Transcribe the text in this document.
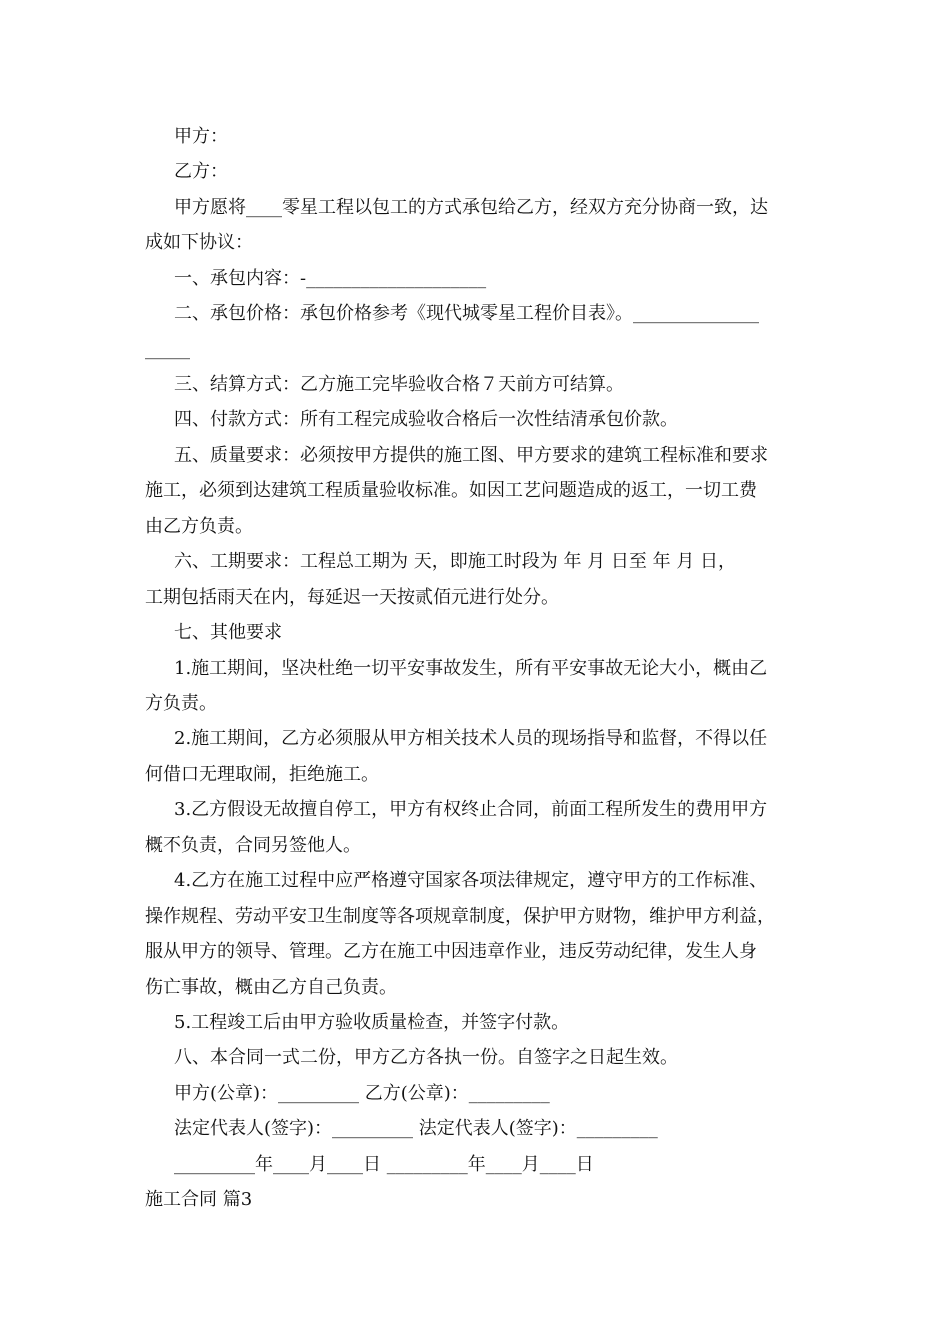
甲方：
乙方：
甲方愿将____零星工程以包工的方式承包给乙方，经双方充分协商一致，达
成如下协议：
一、承包内容：-____________________
二、承包价格：承包价格参考《现代城零星工程价目表》。______________
_____
三、结算方式：乙方施工完毕验收合格７天前方可结算。
四、付款方式：所有工程完成验收合格后一次性结清承包价款。
五、质量要求：必须按甲方提供的施工图、甲方要求的建筑工程标准和要求
施工，必须到达建筑工程质量验收标准。如因工艺问题造成的返工，一切工费
由乙方负责。
六、工期要求：工程总工期为 天，即施工时段为 年 月 日至 年 月 日，
工期包括雨天在内，每延迟一天按贰佰元进行处分。
七、其他要求
1.施工期间，坚决杜绝一切平安事故发生，所有平安事故无论大小，概由乙
方负责。
2.施工期间，乙方必须服从甲方相关技术人员的现场指导和监督，不得以任
何借口无理取闹，拒绝施工。
3.乙方假设无故擅自停工，甲方有权终止合同，前面工程所发生的费用甲方
概不负责，合同另签他人。
4.乙方在施工过程中应严格遵守国家各项法律规定，遵守甲方的工作标准、
操作规程、劳动平安卫生制度等各项规章制度，保护甲方财物，维护甲方利益，
服从甲方的领导、管理。乙方在施工中因违章作业，违反劳动纪律，发生人身
伤亡事故，概由乙方自己负责。
5.工程竣工后由甲方验收质量检查，并签字付款。
八、本合同一式二份，甲方乙方各执一份。自签字之日起生效。
甲方(公章)：_________ 乙方(公章)：_________
法定代表人(签字)：_________ 法定代表人(签字)：_________
_________年____月____日 _________年____月____日
施工合同 篇3
